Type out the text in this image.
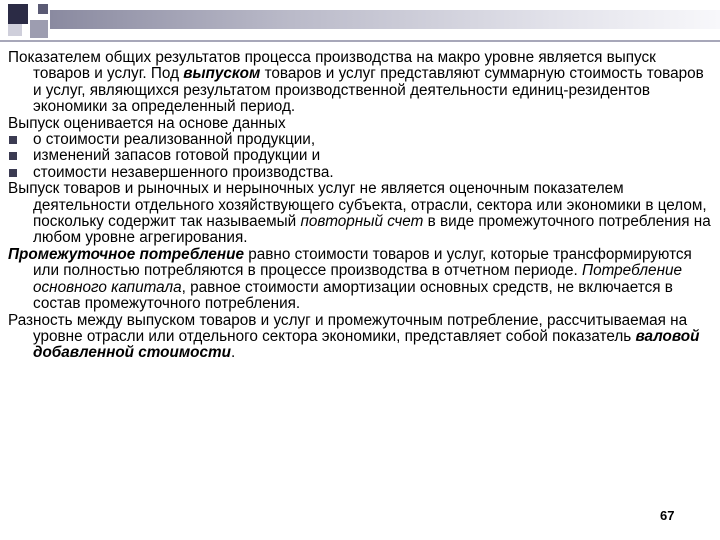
Показателем общих результатов процесса производства на макро уровне является выпуск товаров и услуг. Под выпуском товаров и услуг представляют суммарную стоимость товаров и услуг, являющихся результатом производственной деятельности единиц-резидентов экономики за определенный период.

Выпуск оценивается на основе данных

о стоимости реализованной продукции,
изменений запасов готовой продукции и
стоимости незавершенного производства.

Выпуск товаров и рыночных и нерыночных услуг не является оценочным показателем деятельности отдельного хозяйствующего субъекта, отрасли, сектора или экономики в целом, поскольку содержит так называемый повторный счет в виде промежуточного потребления на любом уровне агрегирования.

Промежуточное потребление равно стоимости товаров и услуг, которые трансформируются или полностью потребляются в процессе производства в отчетном периоде. Потребление основного капитала, равное стоимости амортизации основных средств, не включается в состав промежуточного потребления.

Разность между выпуском товаров и услуг и промежуточным потребление, рассчитываемая на уровне отрасли или отдельного сектора экономики, представляет собой показатель валовой добавленной стоимости.

67
